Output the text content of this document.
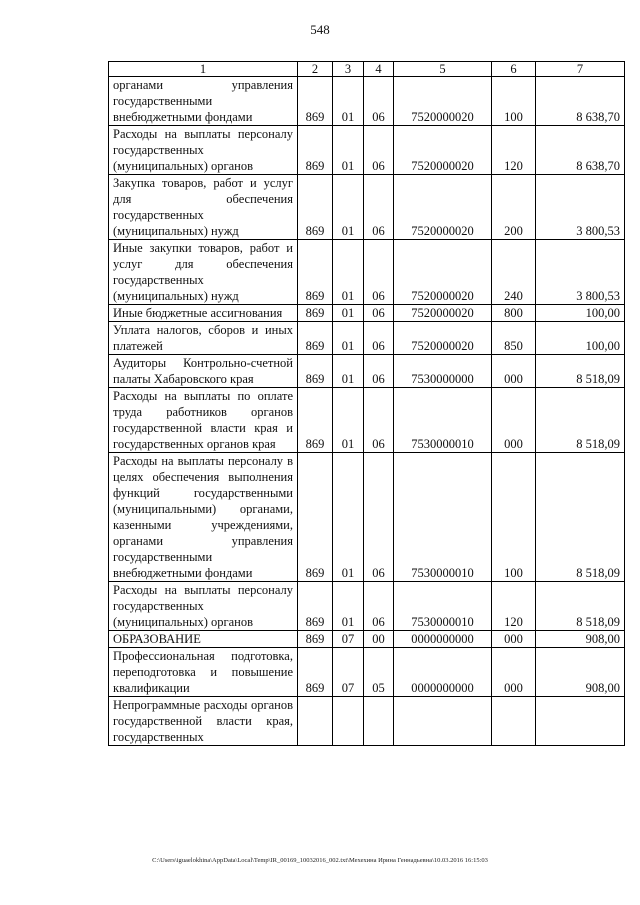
548
1	2	3	4	5	6	7
органами управления государственными внебюджетными фондами	869	01	06	7520000020	100	8 638,70
Расходы на выплаты персоналу государственных (муниципальных) органов	869	01	06	7520000020	120	8 638,70
Закупка товаров, работ и услуг для обеспечения государственных (муниципальных) нужд	869	01	06	7520000020	200	3 800,53
Иные закупки товаров, работ и услуг для обеспечения государственных (муниципальных) нужд	869	01	06	7520000020	240	3 800,53
Иные бюджетные ассигнования	869	01	06	7520000020	800	100,00
Уплата налогов, сборов и иных платежей	869	01	06	7520000020	850	100,00
Аудиторы Контрольно-счетной палаты Хабаровского края	869	01	06	7530000000	000	8 518,09
Расходы на выплаты по оплате труда работников органов государственной власти края и государственных органов края	869	01	06	7530000010	000	8 518,09
Расходы на выплаты персоналу в целях обеспечения выполнения функций государственными (муниципальными) органами, казенными учреждениями, органами управления государственными внебюджетными фондами	869	01	06	7530000010	100	8 518,09
Расходы на выплаты персоналу государственных (муниципальных) органов	869	01	06	7530000010	120	8 518,09
ОБРАЗОВАНИЕ	869	07	00	0000000000	000	908,00
Профессиональная подготовка, переподготовка и повышение квалификации	869	07	05	0000000000	000	908,00
Непрограммные расходы органов государственной власти края, государственных						
C:\Users\iguaelokhina\AppData\Local\Temp\IR_00169_10032016_002.txt\Мехехина Ирина Геннадьевна\10.03.2016 16:15:03
